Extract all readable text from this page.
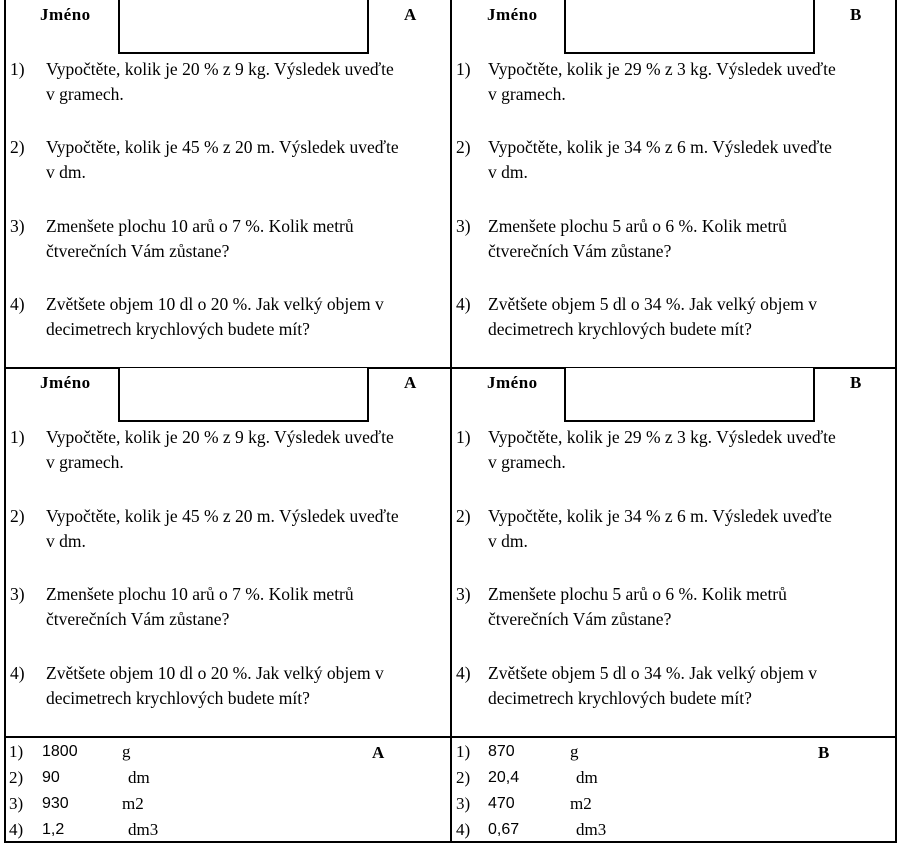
Jméno	A
1) Vypočtěte, kolik je 20 % z 9 kg. Výsledek uveďte
v gramech.
2) Vypočtěte, kolik je 45 % z 20 m. Výsledek uveďte
v dm.
3) Zmenšete plochu 10 arů o 7 %. Kolik metrů
čtverečních Vám zůstane?
4) Zvětšete objem 10 dl o 20 %. Jak velký objem v
decimetrech krychlových budete mít?
Jméno	B
1) Vypočtěte, kolik je 29 % z 3 kg. Výsledek uveďte
v gramech.
2) Vypočtěte, kolik je 34 % z 6 m. Výsledek uveďte
v dm.
3) Zmenšete plochu 5 arů o 6 %. Kolik metrů
čtverečních Vám zůstane?
4) Zvětšete objem 5 dl o 34 %. Jak velký objem v
decimetrech krychlových budete mít?
Jméno	A
1) Vypočtěte, kolik je 20 % z 9 kg. Výsledek uveďte
v gramech.
2) Vypočtěte, kolik je 45 % z 20 m. Výsledek uveďte
v dm.
3) Zmenšete plochu 10 arů o 7 %. Kolik metrů
čtverečních Vám zůstane?
4) Zvětšete objem 10 dl o 20 %. Jak velký objem v
decimetrech krychlových budete mít?
Jméno	B
1) Vypočtěte, kolik je 29 % z 3 kg. Výsledek uveďte
v gramech.
2) Vypočtěte, kolik je 34 % z 6 m. Výsledek uveďte
v dm.
3) Zmenšete plochu 5 arů o 6 %. Kolik metrů
čtverečních Vám zůstane?
4) Zvětšete objem 5 dl o 34 %. Jak velký objem v
decimetrech krychlových budete mít?
A
1) 1800	g
2) 90	dm
3) 930	m2
4) 1,2	dm3
B
1) 870	g
2) 20,4	dm
3) 470	m2
4) 0,67	dm3
